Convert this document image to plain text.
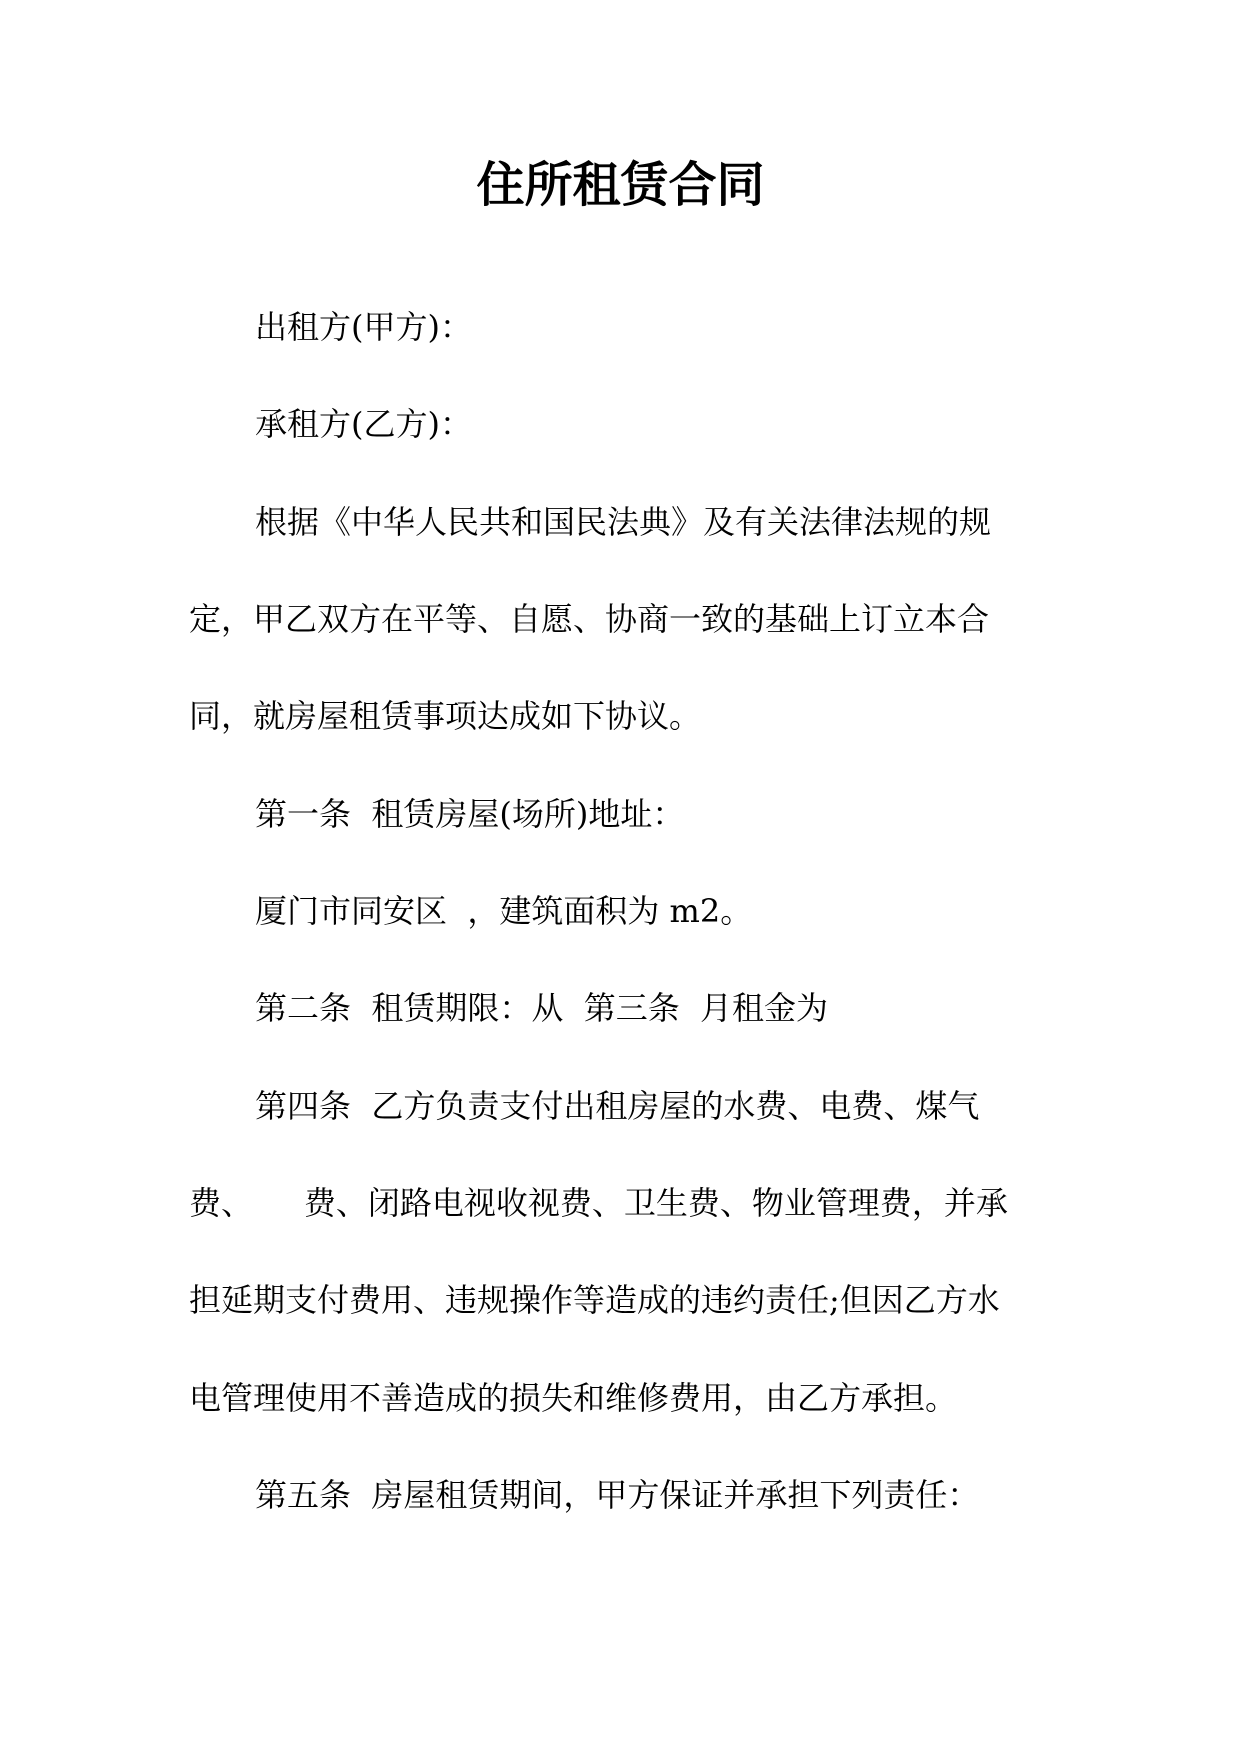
住所租赁合同
出租方(甲方)：
承租方(乙方)：
根据《中华人民共和国民法典》及有关法律法规的规
定，甲乙双方在平等、自愿、协商一致的基础上订立本合
同，就房屋租赁事项达成如下协议。
第一条  租赁房屋(场所)地址：
厦门市同安区  ，建筑面积为 m2。
第二条  租赁期限：从  第三条  月租金为
第四条  乙方负责支付出租房屋的水费、电费、煤气
费、     费、闭路电视收视费、卫生费、物业管理费，并承
担延期支付费用、违规操作等造成的违约责任;但因乙方水
电管理使用不善造成的损失和维修费用，由乙方承担。
第五条  房屋租赁期间，甲方保证并承担下列责任：
